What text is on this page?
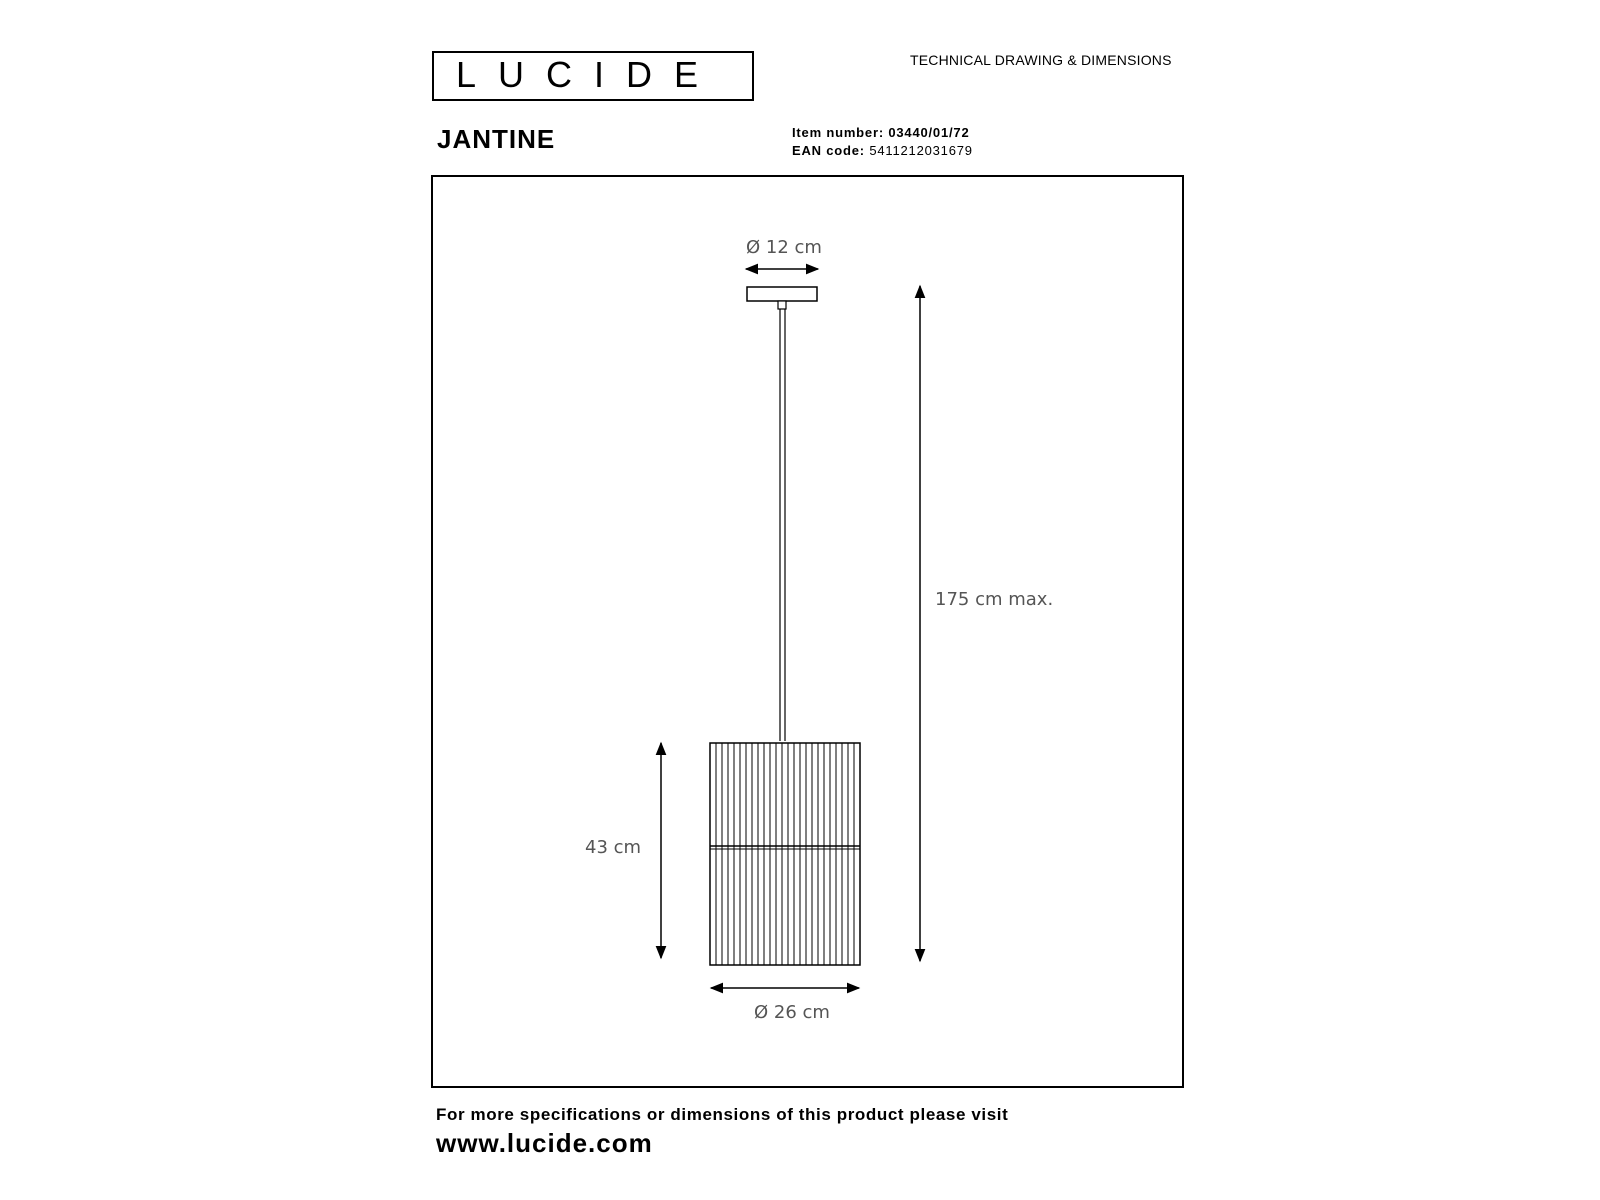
LUCIDE	TECHNICAL DRAWING & DIMENSIONS
JANTINE	Item number: 03440/01/72
EAN code: 5411212031679
Ø 12 cm
175 cm max.
43 cm
Ø 26 cm
For more specifications or dimensions of this product please visit
www.lucide.com
